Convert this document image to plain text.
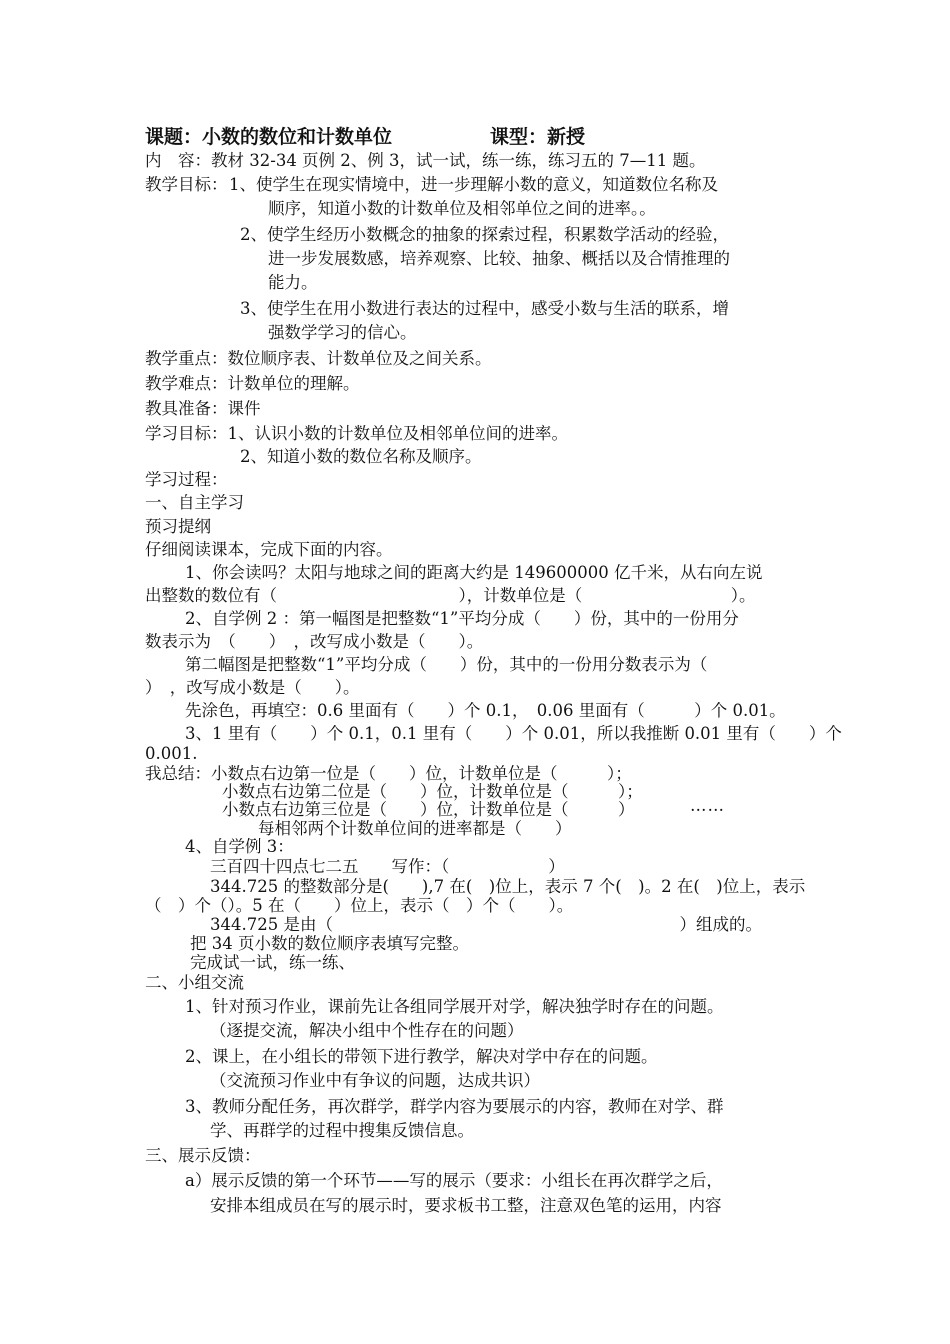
课题：小数的数位和计数单位	课型：新授
内　容：教材 32-34 页例 2、例 3，试一试，练一练，练习五的 7—11 题。
教学目标： 1、使学生在现实情境中，进一步理解小数的意义，知道数位名称及
顺序，知道小数的计数单位及相邻单位之间的进率。。
2、使学生经历小数概念的抽象的探索过程，积累数学活动的经验，
进一步发展数感，培养观察、比较、抽象、概括以及合情推理的
能力。
3、使学生在用小数进行表达的过程中，感受小数与生活的联系，增
强数学学习的信心。
教学重点：数位顺序表、计数单位及之间关系。
教学难点：计数单位的理解。
教具准备：课件
学习目标：1、认识小数的计数单位及相邻单位间的进率。
2、知道小数的数位名称及顺序。
学习过程：
一、自主学习
预习提纲
仔细阅读课本，完成下面的内容。
1、你会读吗？太阳与地球之间的距离大约是 149600000 亿千米，从右向左说
出整数的数位有（　　　　　　　　　　　），计数单位是（　　　　　　　　　）。
2、自学例 2 ：第一幅图是把整数“1”平均分成（　　）份，其中的一份用分
数表示为　（　　）　，改写成小数是（　　）。
第二幅图是把整数“1”平均分成（　　）份，其中的一份用分数表示为（
）　，改写成小数是（　　）。
先涂色，再填空：0.6 里面有（　　）个 0.1，　0.06 里面有（　　　）个 0.01。
3、1 里有（　　）个 0.1，0.1 里有（　　）个 0.01，所以我推断 0.01 里有（　　）个
0.001.
我总结：小数点右边第一位是（　　）位，计数单位是（　　　）；
小数点右边第二位是（　　）位，计数单位是（　　　）；
小数点右边第三位是（　　）位，计数单位是（　　　）	……
每相邻两个计数单位间的进率都是（　　）
4、自学例 3：
三百四十四点七二五　　写作：（　　　　　　）
344.725 的整数部分是(　　),7 在(　)位上，表示 7 个(　)。2 在(　)位上，表示
（　）个（）。5 在（　　）位上，表示（　）个（　　）。
344.725 是由（　　　　　　　　　　　　　　　　　　　　　）组成的。
把 34 页小数的数位顺序表填写完整。
完成试一试，练一练、
二、小组交流
1、针对预习作业，课前先让各组同学展开对学，解决独学时存在的问题。
（逐提交流，解决小组中个性存在的问题）
2、课上，在小组长的带领下进行教学，解决对学中存在的问题。
（交流预习作业中有争议的问题，达成共识）
3、教师分配任务，再次群学，群学内容为要展示的内容，教师在对学、群
学、再群学的过程中搜集反馈信息。
三、展示反馈：
a）展示反馈的第一个环节——写的展示（要求：小组长在再次群学之后，
安排本组成员在写的展示时，要求板书工整，注意双色笔的运用，内容
